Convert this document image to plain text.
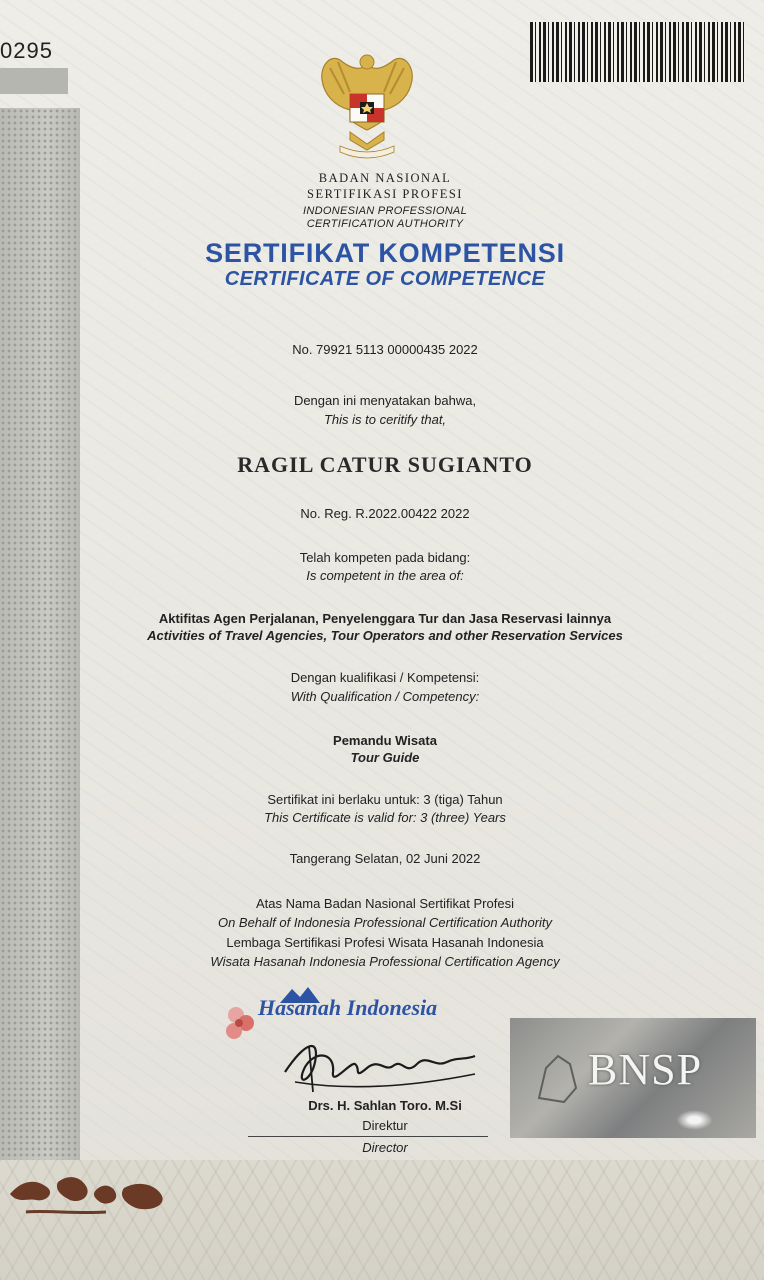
0295
BADAN NASIONAL
SERTIFIKASI PROFESI
INDONESIAN PROFESSIONAL
CERTIFICATION AUTHORITY
SERTIFIKAT KOMPETENSI
CERTIFICATE OF COMPETENCE
No. 79921 5113 00000435 2022
Dengan ini menyatakan bahwa,
This is to ceritify that,
RAGIL CATUR SUGIANTO
No. Reg. R.2022.00422 2022
Telah kompeten pada bidang:
Is competent in the area of:
Aktifitas Agen Perjalanan, Penyelenggara Tur dan Jasa Reservasi lainnya
Activities of Travel Agencies, Tour Operators and other Reservation Services
Dengan kualifikasi / Kompetensi:
With Qualification / Competency:
Pemandu Wisata
Tour Guide
Sertifikat ini berlaku untuk: 3 (tiga) Tahun
This Certificate is valid for: 3 (three) Years
Tangerang Selatan, 02 Juni 2022
Atas Nama Badan Nasional Sertifikat Profesi
On Behalf of Indonesia Professional Certification Authority
Lembaga Sertifikasi Profesi Wisata Hasanah Indonesia
Wisata Hasanah Indonesia Professional Certification Agency
Hasanah Indonesia
Drs. H. Sahlan Toro. M.Si
Direktur
Director
BNSP
